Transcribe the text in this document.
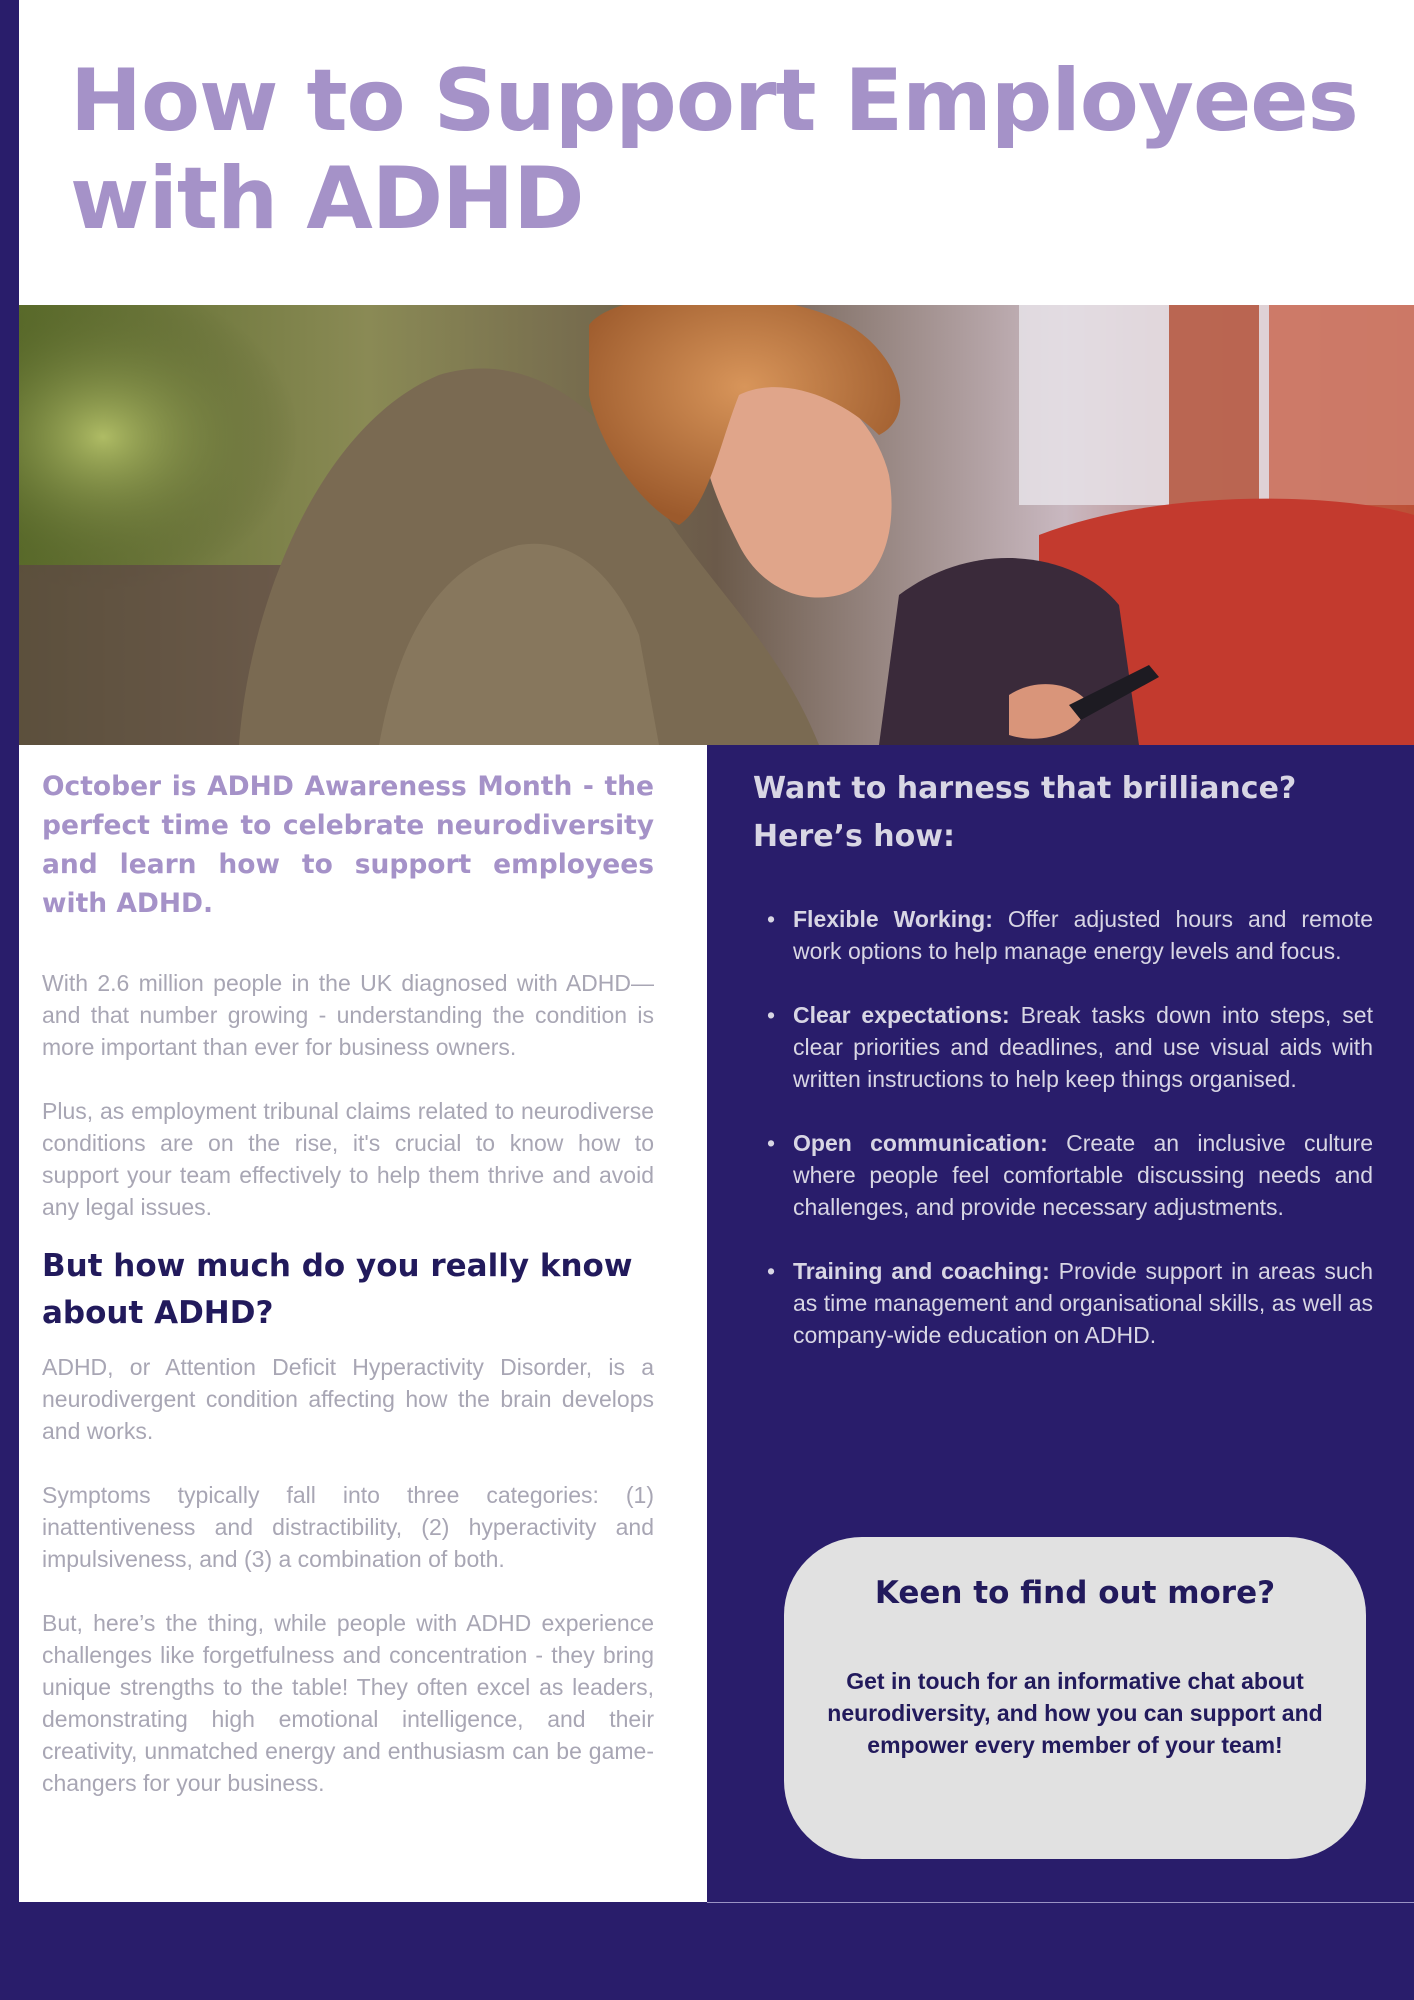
How to Support Employees with ADHD

October is ADHD Awareness Month - the perfect time to celebrate neurodiversity and learn how to support employees with ADHD.

With 2.6 million people in the UK diagnosed with ADHD—and that number growing - understanding the condition is more important than ever for business owners.

Plus, as employment tribunal claims related to neurodiverse conditions are on the rise, it's crucial to know how to support your team effectively to help them thrive and avoid any legal issues.

But how much do you really know about ADHD?

ADHD, or Attention Deficit Hyperactivity Disorder, is a neurodivergent condition affecting how the brain develops and works.

Symptoms typically fall into three categories: (1) inattentiveness and distractibility, (2) hyperactivity and impulsiveness, and (3) a combination of both.

But, here’s the thing, while people with ADHD experience challenges like forgetfulness and concentration - they bring unique strengths to the table! They often excel as leaders, demonstrating high emotional intelligence, and their creativity, unmatched energy and enthusiasm can be game-changers for your business.

Want to harness that brilliance? Here’s how:
• Flexible Working: Offer adjusted hours and remote work options to help manage energy levels and focus.
• Clear expectations: Break tasks down into steps, set clear priorities and deadlines, and use visual aids with written instructions to help keep things organised.
• Open communication: Create an inclusive culture where people feel comfortable discussing needs and challenges, and provide necessary adjustments.
• Training and coaching: Provide support in areas such as time management and organisational skills, as well as company-wide education on ADHD.
Keen to find out more?

Get in touch for an informative chat about neurodiversity, and how you can support and empower every member of your team!
